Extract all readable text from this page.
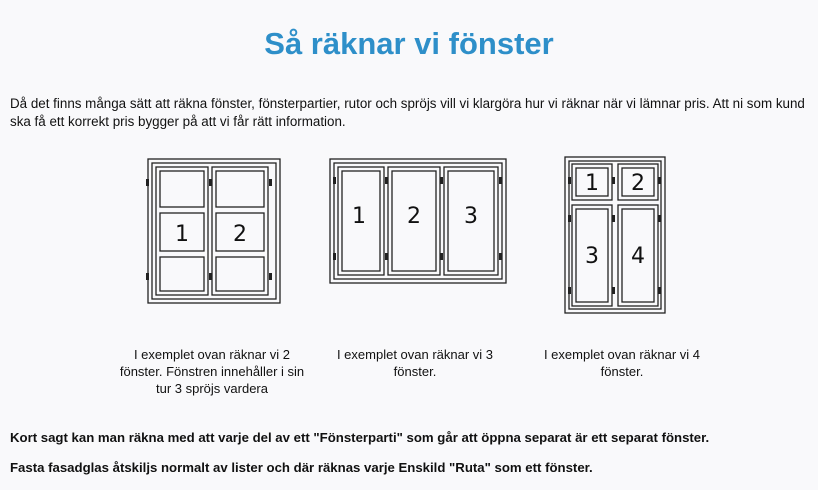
Så räknar vi fönster

Då det finns många sätt att räkna fönster, fönsterpartier, rutor och spröjs vill vi klargöra hur vi räknar när vi lämnar pris. Att ni som kund ska få ett korrekt pris bygger på att vi får rätt information.

1 2
1 2 3
1 2
3 4

I exemplet ovan räknar vi 2 fönster. Fönstren innehåller i sin tur 3 spröjs vardera

I exemplet ovan räknar vi 3 fönster.

I exemplet ovan räknar vi 4 fönster.

Kort sagt kan man räkna med att varje del av ett "Fönsterparti" som går att öppna separat är ett separat fönster.

Fasta fasadglas åtskiljs normalt av lister och där räknas varje Enskild "Ruta" som ett fönster.
